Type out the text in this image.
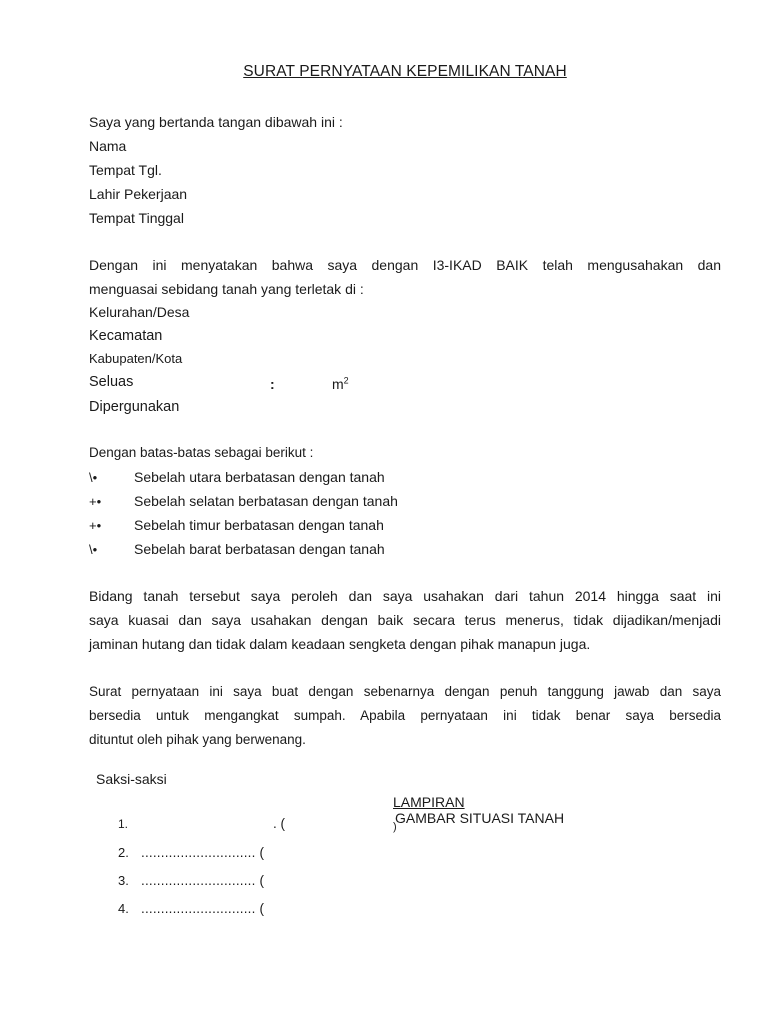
SURAT PERNYATAAN KEPEMILIKAN TANAH
Saya yang bertanda tangan dibawah ini :
Nama
Tempat Tgl.
Lahir Pekerjaan
Tempat Tinggal
Dengan ini menyatakan bahwa saya dengan I3-IKAD BAIK telah mengusahakan dan
menguasai sebidang tanah yang terletak di :
Kelurahan/Desa
Kecamatan
Kabupaten/Kota
Seluas	:	$m^2$
Dipergunakan
Dengan batas-batas sebagai berikut :
\•	Sebelah utara berbatasan dengan tanah
+• Sebelah selatan berbatasan dengan tanah
+• Sebelah timur berbatasan dengan tanah
\•	Sebelah barat berbatasan dengan tanah
Bidang tanah tersebut saya peroleh dan saya usahakan dari tahun 2014 hingga saat ini
saya kuasai dan saya usahakan dengan baik secara terus menerus, tidak dijadikan/menjadi
jaminan hutang dan tidak dalam keadaan sengketa dengan pihak manapun juga.
Surat pernyataan ini saya buat dengan sebenarnya dengan penuh tanggung jawab dan saya
bersedia untuk mengangkat sumpah. Apabila pernyataan ini tidak benar saya bersedia
dituntut oleh pihak yang berwenang.
Saksi-saksi
LAMPIRAN
GAMBAR SITUASI TANAH
1.	. (	)
2. ............................. (
3. ............................. (
4. ............................. (
